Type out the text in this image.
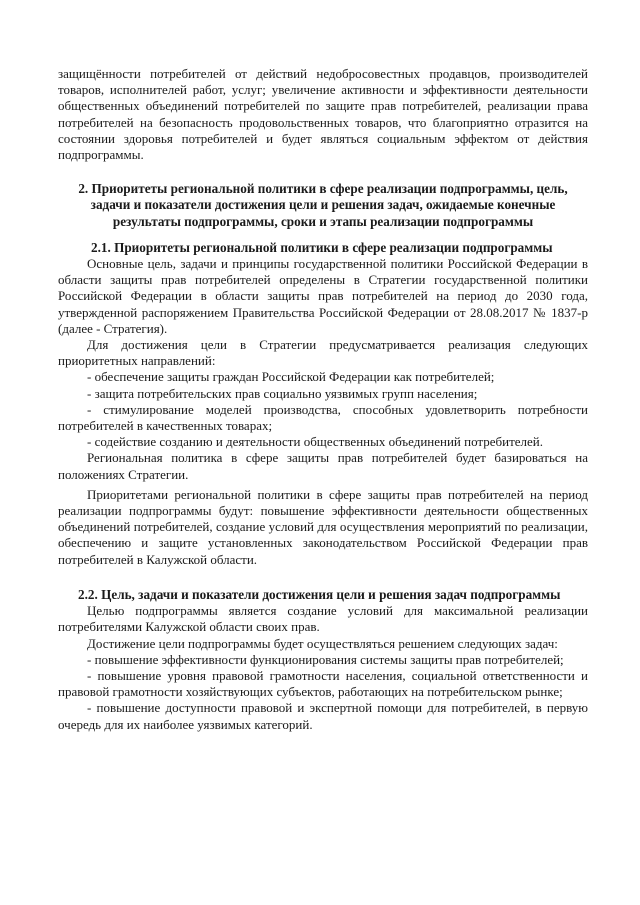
защищённости потребителей от действий недобросовестных продавцов, производителей товаров, исполнителей работ, услуг; увеличение активности и эффективности деятельности общественных объединений потребителей по защите прав потребителей, реализации права потребителей на безопасность продовольственных товаров, что благоприятно отразится на состоянии здоровья потребителей и будет являться социальным эффектом от действия подпрограммы.

2. Приоритеты региональной политики в сфере реализации подпрограммы, цель, задачи и показатели достижения цели и решения задач, ожидаемые конечные результаты подпрограммы, сроки и этапы реализации подпрограммы
2.1. Приоритеты региональной политики в сфере реализации подпрограммы

Основные цель, задачи и принципы государственной политики Российской Федерации в области защиты прав потребителей определены в Стратегии государственной политики Российской Федерации в области защиты прав потребителей на период до 2030 года, утвержденной распоряжением Правительства Российской Федерации от 28.08.2017 № 1837-р (далее - Стратегия).

Для достижения цели в Стратегии предусматривается реализация следующих приоритетных направлений:

- обеспечение защиты граждан Российской Федерации как потребителей;

- защита потребительских прав социально уязвимых групп населения;

- стимулирование моделей производства, способных удовлетворить потребности потребителей в качественных товарах;

- содействие созданию и деятельности общественных объединений потребителей.

Региональная политика в сфере защиты прав потребителей будет базироваться на положениях Стратегии.

Приоритетами региональной политики в сфере защиты прав потребителей на период реализации подпрограммы будут: повышение эффективности деятельности общественных объединений потребителей, создание условий для осуществления мероприятий по реализации, обеспечению и защите установленных законодательством Российской Федерации прав потребителей в Калужской области.

2.2. Цель, задачи и показатели достижения цели и решения задач подпрограммы

Целью подпрограммы является создание условий для максимальной реализации потребителями Калужской области своих прав.

Достижение цели подпрограммы будет осуществляться решением следующих задач:

- повышение эффективности функционирования системы защиты прав потребителей;

- повышение уровня правовой грамотности населения, социальной ответственности и правовой грамотности хозяйствующих субъектов, работающих на потребительском рынке;

- повышение доступности правовой и экспертной помощи для потребителей, в первую очередь для их наиболее уязвимых категорий.
